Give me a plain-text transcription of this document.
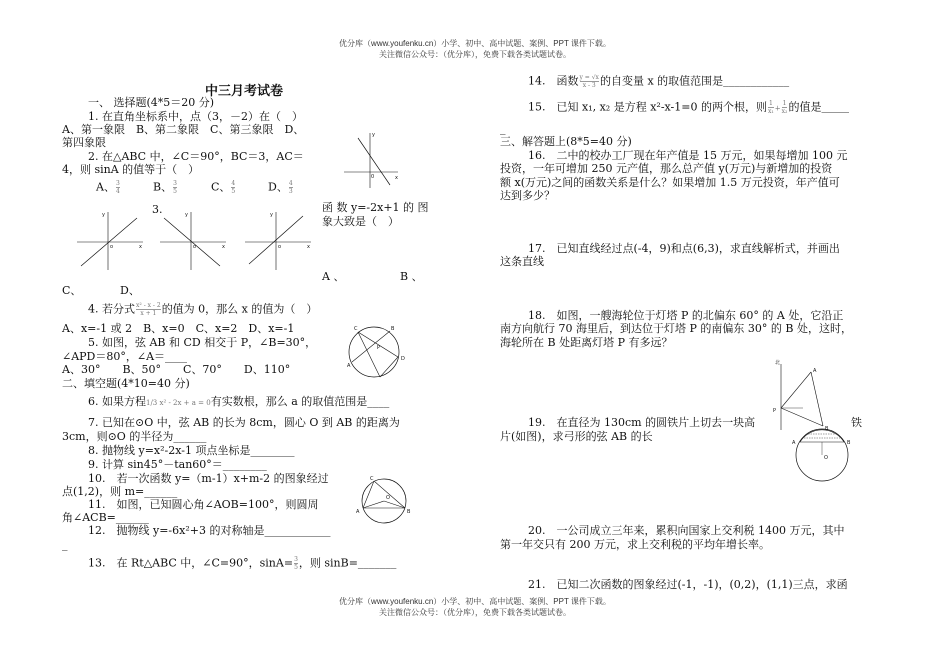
优分库（www.youfenku.cn）小学、初中、高中试题、案例、PPT 课件下载。
关注微信公众号：（优分库），免费下载各类试题试卷。
优分库（www.youfenku.cn）小学、初中、高中试题、案例、PPT 课件下载。
关注微信公众号：（优分库），免费下载各类试题试卷。
中三月考试卷
一、 选择题(4*5＝20 分)
1. 在直角坐标系中，点（3，－2）在（　）
A、第一象限　B、第二象限　C、第三象限　D、
第四象限
2. 在△ABC 中，∠C＝90°，BC＝3，AC＝
4，则 sinA 的值等于（　）
A、 $\frac{3}{4}$	B、 $\frac{3}{5}$	C、 $\frac{4}{5}$	D、 $\frac{4}{3}$
3.	函 数 y=-2x+1 的 图
象大致是（　）
y
x
0
y
x
o
y
x
o
y
x
o
A 、	B 、
C、	D、
4. 若分式 $\frac{\text{x² - x - 2}}{x + 1}$ 的值为 0，那么 x 的值为（　）
A、x=-1 或 2　B、x=0　C、x=2　D、x=-1
5. 如图，弦 AB 和 CD 相交于 P，∠B=30°，
∠APD＝80°，∠A＝____
A、30°　　B、50°　　C、70°　　D、110°
C	B
D
A
P
二、填空题(4*10=40 分)
6. 如果方程1/3 x² - 2x + a = 0有实数根，那么 a 的取值范围是____
7. 已知在⊙O 中，弦 AB 的长为 8cm，圆心 O 到 AB 的距离为
3cm，则⊙O 的半径为______
8. 抛物线 y=x²-2x-1 项点坐标是________
9. 计算 sin45°－tan60°＝________
10.　若一次函数 y=（m-1）x+m-2 的图象经过
点(1,2)，则 m=______
11.　如图，已知圆心角∠AOB=100°，则圆周
角∠ACB=______
C
O
A	B
12.　抛物线 y=-6x²+3 的对称轴是____________
_
13.　在 Rt△ABC 中，∠C=90°，$\sin A= \frac{3}{5}$ ，则 sinB=_______
14.　函数 $\frac{y = √x}{x - 3}$ 的自变量 x 的取值范围是____________
15.　已知 x₁, x₂ 是方程 x²-x-1=0 的两个根，则 $\frac{1}{\text{x₁}} + \frac{1}{\text{x₂}}$ 的值是_____
_
三、解答题上(8*5=40 分)
16.　二中的校办工厂现在年产值是 15 万元，如果每增加 100 元
投资，一年可增加 250 元产值，那么总产值 y(万元)与新增加的投资
额 x(万元)之间的函数关系是什么？如果增加 1.5 万元投资，年产值可
达到多少？
17.　已知直线经过点(-4，9)和点(6,3)，求直线解析式，并画出
这条直线
18.　如图，一艘海轮位于灯塔 P 的北偏东 60° 的 A 处，它沿正
南方向航行 70 海里后，到达位于灯塔 P 的南偏东 30° 的 B 处，这时，
海轮所在 B 处距离灯塔 P 有多远？
北
A
P
B
19.　在直径为 130cm 的圆铁片上切去一块高	铁
片(如图)，求弓形的弦 AB 的长	A	B
O
20.　一公司成立三年来，累积向国家上交利税 1400 万元，其中
第一年交只有 200 万元，求上交利税的平均年增长率。
21.　已知二次函数的图象经过(-1，-1)，(0,2)，(1,1)三点，求函
